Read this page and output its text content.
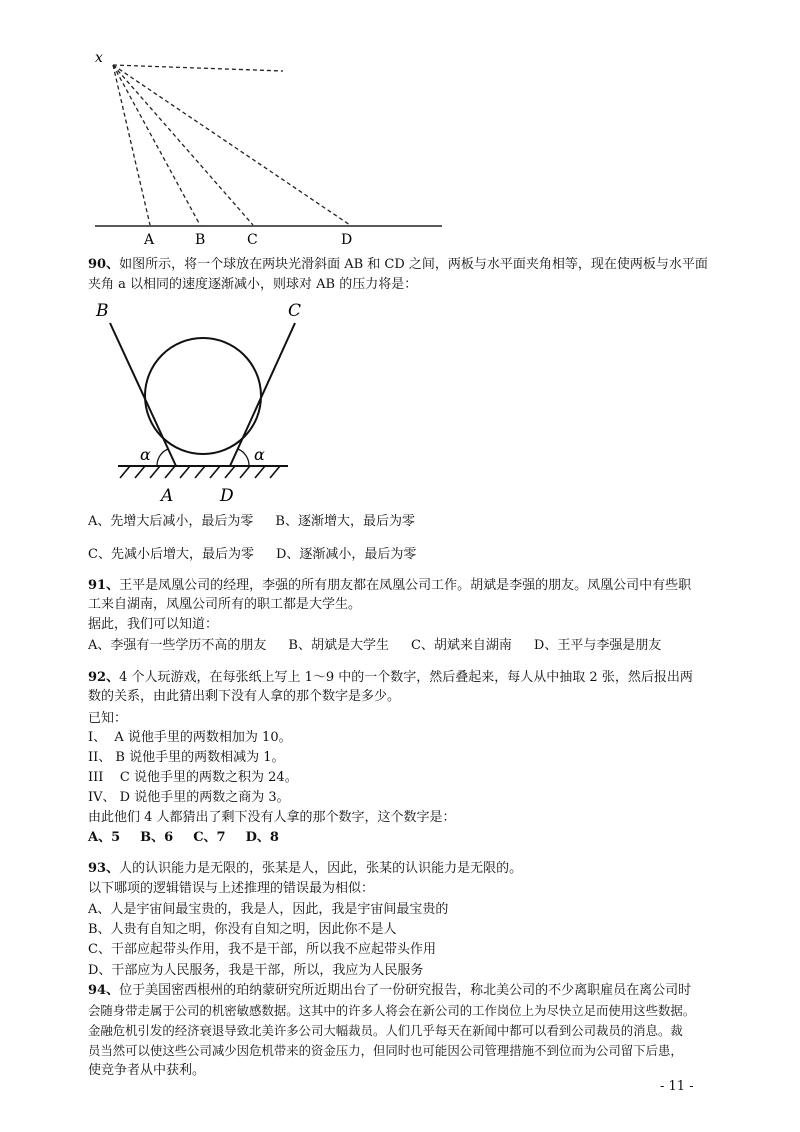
x
A	B	C	D
90、如图所示，将一个球放在两块光滑斜面 AB 和 CD 之间，两板与水平面夹角相等，现在使两板与水平面
夹角 a 以相同的速度逐渐减小，则球对 AB 的压力将是：
B	C
α	α
A	D
A、先增大后减小，最后为零 B、逐渐增大，最后为零
C、先减小后增大，最后为零 D、逐渐减小，最后为零
91、王平是凤凰公司的经理，李强的所有朋友都在凤凰公司工作。胡斌是李强的朋友。凤凰公司中有些职
工来自湖南，凤凰公司所有的职工都是大学生。
据此，我们可以知道：
A、李强有一些学历不高的朋友 B、胡斌是大学生 C、胡斌来自湖南 D、王平与李强是朋友
92、4 个人玩游戏，在每张纸上写上 1～9 中的一个数字，然后叠起来，每人从中抽取 2 张，然后报出两
数的关系，由此猜出剩下没有人拿的那个数字是多少。
已知：
I、  A 说他手里的两数相加为 10。
II、 B 说他手里的两数相减为 1。
III    C 说他手里的两数之积为 24。
IV、 D 说他手里的两数之商为 3。
由此他们 4 人都猜出了剩下没有人拿的那个数字，这个数字是：
A、5 B、6 C、7 D、8
93、人的认识能力是无限的，张某是人，因此，张某的认识能力是无限的。
以下哪项的逻辑错误与上述推理的错误最为相似：
A、人是宇宙间最宝贵的，我是人，因此，我是宇宙间最宝贵的
B、人贵有自知之明，你没有自知之明，因此你不是人
C、干部应起带头作用，我不是干部，所以我不应起带头作用
D、干部应为人民服务，我是干部，所以，我应为人民服务
94、位于美国密西根州的珀纳蒙研究所近期出台了一份研究报告，称北美公司的不少离职雇员在离公司时
会随身带走属于公司的机密敏感数据。这其中的许多人将会在新公司的工作岗位上为尽快立足而使用这些数据。
金融危机引发的经济衰退导致北美许多公司大幅裁员。人们几乎每天在新闻中都可以看到公司裁员的消息。裁
员当然可以使这些公司减少因危机带来的资金压力，但同时也可能因公司管理措施不到位而为公司留下后患，
使竞争者从中获利。
- 11 -
